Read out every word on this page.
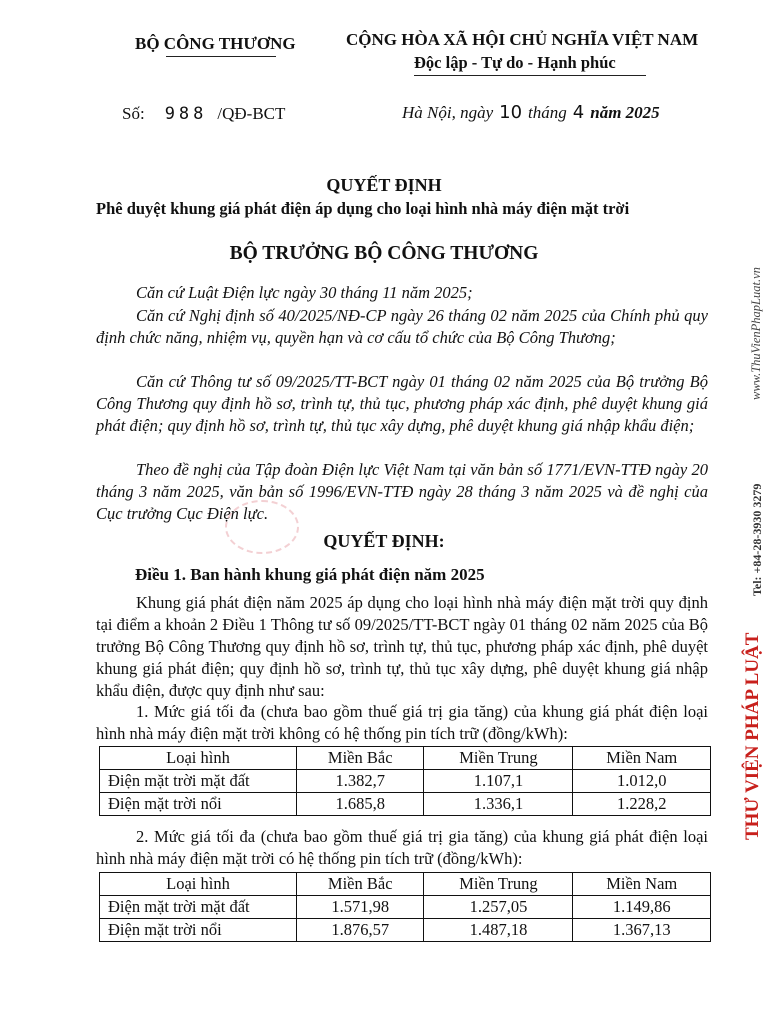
BỘ CÔNG THƯƠNG	CỘNG HÒA XÃ HỘI CHỦ NGHĨA VIỆT NAM
Độc lập - Tự do - Hạnh phúc
Số: 988 /QĐ-BCT	Hà Nội, ngày 10 tháng 4 năm 2025
QUYẾT ĐỊNH
Phê duyệt khung giá phát điện áp dụng cho loại hình nhà máy điện mặt trời
BỘ TRƯỞNG BỘ CÔNG THƯƠNG
Căn cứ Luật Điện lực ngày 30 tháng 11 năm 2025;
Căn cứ Nghị định số 40/2025/NĐ-CP ngày 26 tháng 02 năm 2025 của Chính phủ quy định chức năng, nhiệm vụ, quyền hạn và cơ cấu tổ chức của Bộ Công Thương;
Căn cứ Thông tư số 09/2025/TT-BCT ngày 01 tháng 02 năm 2025 của Bộ trưởng Bộ Công Thương quy định hồ sơ, trình tự, thủ tục, phương pháp xác định, phê duyệt khung giá phát điện; quy định hồ sơ, trình tự, thủ tục xây dựng, phê duyệt khung giá nhập khẩu điện;
Theo đề nghị của Tập đoàn Điện lực Việt Nam tại văn bản số 1771/EVN-TTĐ ngày 20 tháng 3 năm 2025, văn bản số 1996/EVN-TTĐ ngày 28 tháng 3 năm 2025 và đề nghị của Cục trưởng Cục Điện lực.
QUYẾT ĐỊNH:
Điều 1. Ban hành khung giá phát điện năm 2025
Khung giá phát điện năm 2025 áp dụng cho loại hình nhà máy điện mặt trời quy định tại điểm a khoản 2 Điều 1 Thông tư số 09/2025/TT-BCT ngày 01 tháng 02 năm 2025 của Bộ trưởng Bộ Công Thương quy định hồ sơ, trình tự, thủ tục, phương pháp xác định, phê duyệt khung giá phát điện; quy định hồ sơ, trình tự, thủ tục xây dựng, phê duyệt khung giá nhập khẩu điện, được quy định như sau:
1. Mức giá tối đa (chưa bao gồm thuế giá trị gia tăng) của khung giá phát điện loại hình nhà máy điện mặt trời không có hệ thống pin tích trữ (đồng/kWh):
Loại hình	Miền Bắc	Miền Trung	Miền Nam
Điện mặt trời mặt đất	1.382,7	1.107,1	1.012,0
Điện mặt trời nổi	1.685,8	1.336,1	1.228,2
2. Mức giá tối đa (chưa bao gồm thuế giá trị gia tăng) của khung giá phát điện loại hình nhà máy điện mặt trời có hệ thống pin tích trữ (đồng/kWh):
Loại hình	Miền Bắc	Miền Trung	Miền Nam
Điện mặt trời mặt đất	1.571,98	1.257,05	1.149,86
Điện mặt trời nổi	1.876,57	1.487,18	1.367,13
THƯ VIỆN PHÁP LUẬT
Tel: +84-28-3930 3279
www.ThuVienPhapLuat.vn
